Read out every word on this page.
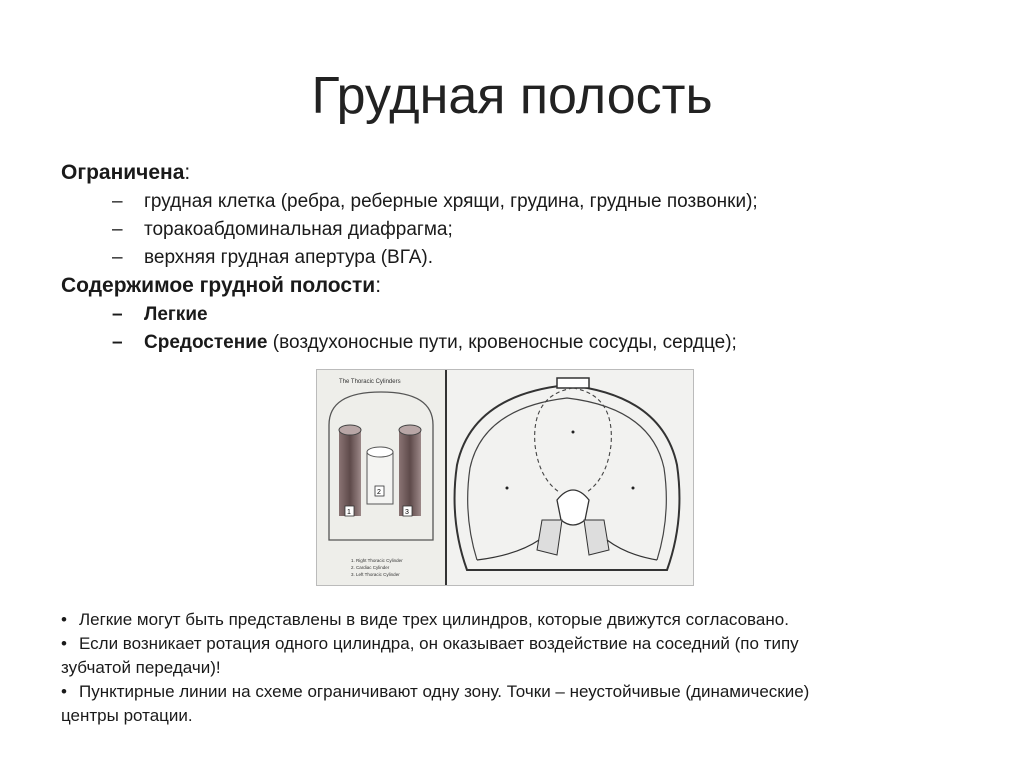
Грудная полость
Ограничена:
– грудная клетка (ребра, реберные хрящи, грудина, грудные позвонки);
– торакоабдоминальная диафрагма;
– верхняя грудная апертура (ВГА).
Содержимое грудной полости:
– Легкие
– Средостение (воздухоносные пути, кровеносные сосуды, сердце);
The Thoracic Cylinders
1
2
3
1. Right Thoracic Cylinder
2. Cardiac Cylinder
3. Left Thoracic Cylinder
• Легкие могут быть представлены в виде трех цилиндров, которые движутся согласовано.
• Если возникает ротация одного цилиндра, он оказывает воздействие на соседний (по типу
зубчатой передачи)!
• Пунктирные линии на схеме ограничивают одну зону. Точки – неустойчивые (динамические)
центры ротации.
